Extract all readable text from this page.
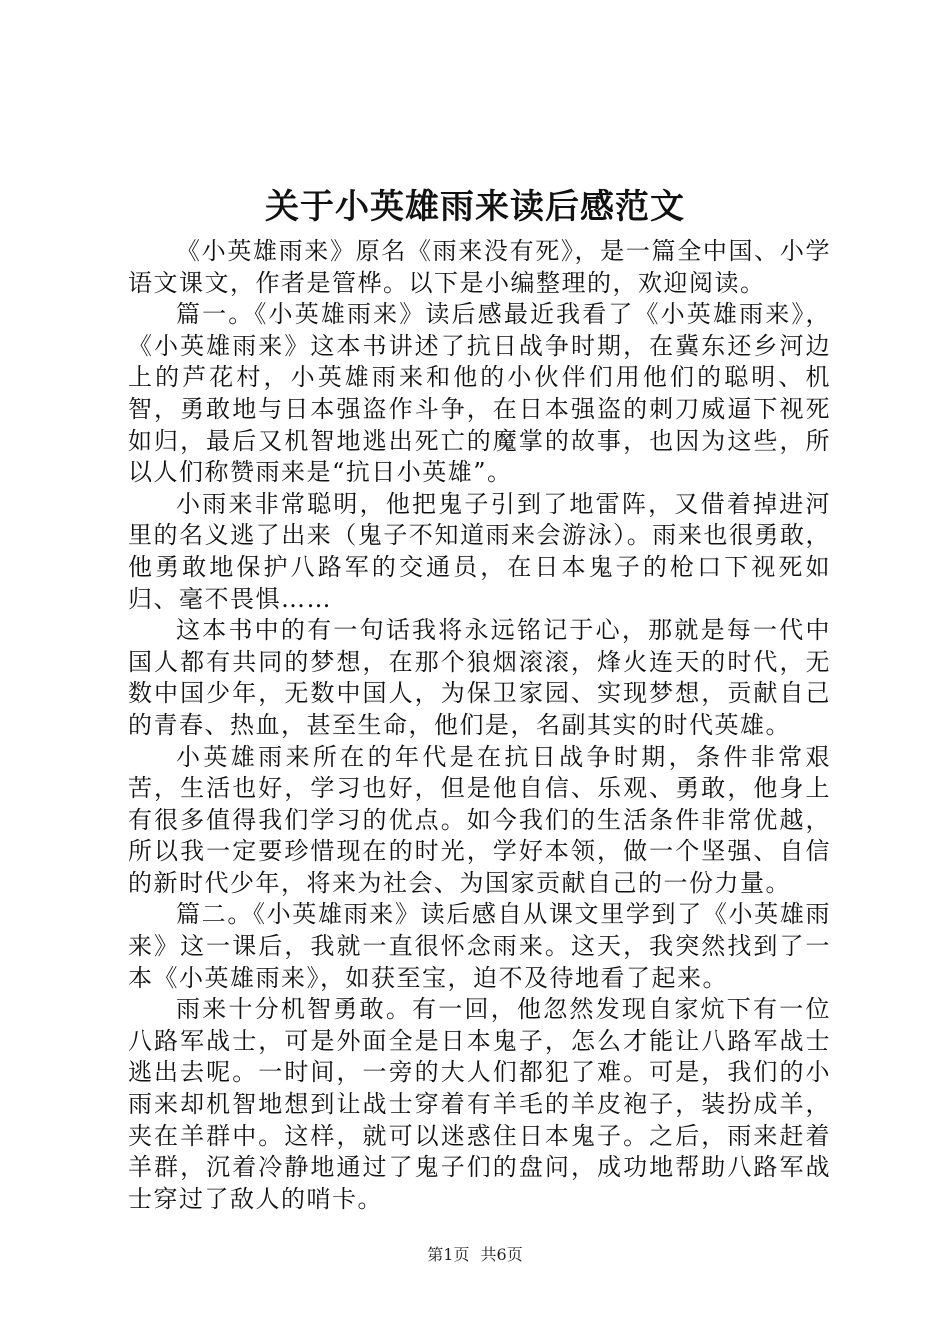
关于小英雄雨来读后感范文

《小英雄雨来》原名《雨来没有死》，是一篇全中国、小学语文课文，作者是管桦。以下是小编整理的，欢迎阅读。

篇一。《小英雄雨来》读后感最近我看了《小英雄雨来》，《小英雄雨来》这本书讲述了抗日战争时期，在冀东还乡河边上的芦花村，小英雄雨来和他的小伙伴们用他们的聪明、机智，勇敢地与日本强盗作斗争，在日本强盗的刺刀威逼下视死如归，最后又机智地逃出死亡的魔掌的故事，也因为这些，所以人们称赞雨来是“抗日小英雄”。

小雨来非常聪明，他把鬼子引到了地雷阵，又借着掉进河里的名义逃了出来（鬼子不知道雨来会游泳）。雨来也很勇敢，他勇敢地保护八路军的交通员，在日本鬼子的枪口下视死如归、毫不畏惧……

这本书中的有一句话我将永远铭记于心，那就是每一代中国人都有共同的梦想，在那个狼烟滚滚，烽火连天的时代，无数中国少年，无数中国人，为保卫家园、实现梦想，贡献自己的青春、热血，甚至生命，他们是，名副其实的时代英雄。

小英雄雨来所在的年代是在抗日战争时期，条件非常艰苦，生活也好，学习也好，但是他自信、乐观、勇敢，他身上有很多值得我们学习的优点。如今我们的生活条件非常优越，所以我一定要珍惜现在的时光，学好本领，做一个坚强、自信的新时代少年，将来为社会、为国家贡献自己的一份力量。

篇二。《小英雄雨来》读后感自从课文里学到了《小英雄雨来》这一课后，我就一直很怀念雨来。这天，我突然找到了一本《小英雄雨来》，如获至宝，迫不及待地看了起来。

雨来十分机智勇敢。有一回，他忽然发现自家炕下有一位八路军战士，可是外面全是日本鬼子，怎么才能让八路军战士逃出去呢。一时间，一旁的大人们都犯了难。可是，我们的小雨来却机智地想到让战士穿着有羊毛的羊皮袍子，装扮成羊，夹在羊群中。这样，就可以迷惑住日本鬼子。之后，雨来赶着羊群，沉着冷静地通过了鬼子们的盘问，成功地帮助八路军战士穿过了敌人的哨卡。

第1页 共6页
